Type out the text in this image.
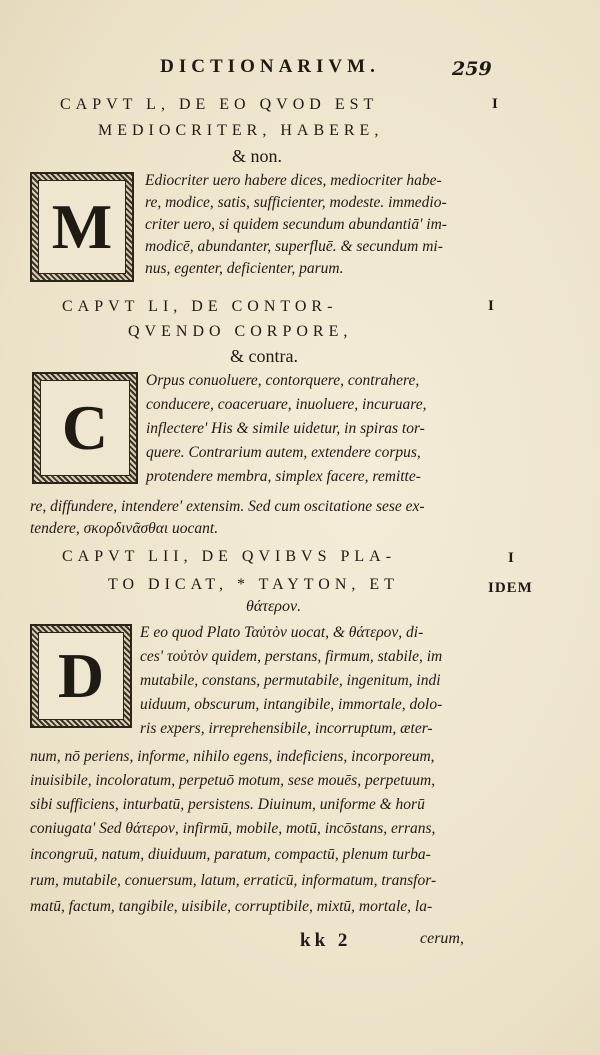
DICTIONARIVM.	259
CAPVT L, DE EO QVOD EST	I
MEDIOCRITER, HABERE,
& non.
M
Ediocriter uero habere dices, mediocriter habe-
re, modice, satis, sufficienter, modeste. immedio-
criter uero, si quidem secundum abundantiā' im-
modicē, abundanter, superfluē. & secundum mi-
nus, egenter, deficienter, parum.
CAPVT LI, DE CONTOR-	I
QVENDO CORPORE,
& contra.
C
Orpus conuoluere, contorquere, contrahere,
conducere, coaceruare, inuoluere, incuruare,
inflectere' His & simile uidetur, in spiras tor-
quere. Contrarium autem, extendere corpus,
protendere membra, simplex facere, remitte-
re, diffundere, intendere' extensim. Sed cum oscitatione sese ex-
tendere, σκορδινᾶσθαι uocant.
CAPVT LII, DE QVIBVS PLA-	I
TO DICAT, * TAYTON, ET	IDEM
θάτερον.
D
E eo quod Plato Ταὐτὸν uocat, & θάτερον, di-
ces' τοὐτὸν quidem, perstans, firmum, stabile, im
mutabile, constans, permutabile, ingenitum, indi
uiduum, obscurum, intangibile, immortale, dolo-
ris expers, irreprehensibile, incorruptum, æter-
num, nō periens, informe, nihilo egens, indeficiens, incorporeum,
inuisibile, incoloratum, perpetuō motum, sese mouēs, perpetuum,
sibi sufficiens, inturbatū, persistens. Diuinum, uniforme & horū
coniugata' Sed θάτερον, infirmū, mobile, motū, incōstans, errans,
incongruū, natum, diuiduum, paratum, compactū, plenum turba-
rum, mutabile, conuersum, latum, erraticū, informatum, transfor-
matū, factum, tangibile, uisibile, corruptibile, mixtū, mortale, la-
kk 2	cerum,
